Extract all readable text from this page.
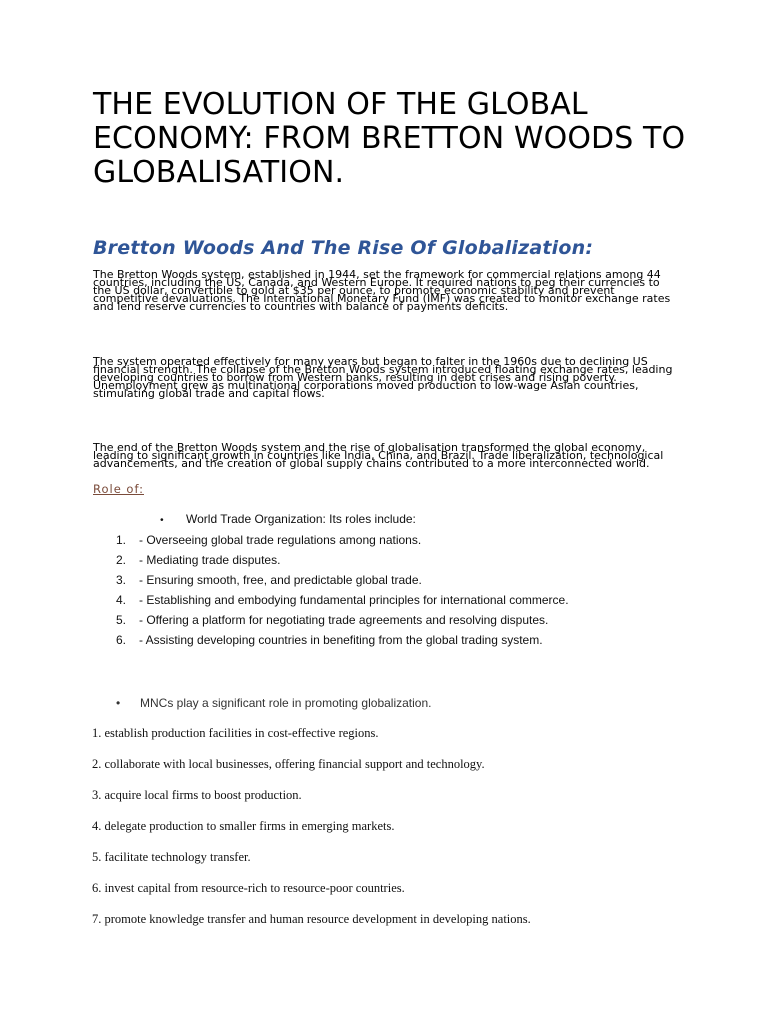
THE EVOLUTION OF THE GLOBAL ECONOMY: FROM BRETTON WOODS TO GLOBALISATION.
Bretton Woods And The Rise Of Globalization:

The Bretton Woods system, established in 1944, set the framework for commercial relations among 44 countries, including the US, Canada, and Western Europe. It required nations to peg their currencies to the US dollar, convertible to gold at $35 per ounce, to promote economic stability and prevent competitive devaluations. The International Monetary Fund (IMF) was created to monitor exchange rates and lend reserve currencies to countries with balance of payments deficits.

The system operated effectively for many years but began to falter in the 1960s due to declining US financial strength. The collapse of the Bretton Woods system introduced floating exchange rates, leading developing countries to borrow from Western banks, resulting in debt crises and rising poverty. Unemployment grew as multinational corporations moved production to low-wage Asian countries, stimulating global trade and capital flows.

The end of the Bretton Woods system and the rise of globalisation transformed the global economy, leading to significant growth in countries like India, China, and Brazil. Trade liberalization, technological advancements, and the creation of global supply chains contributed to a more interconnected world.

Role of:

• World Trade Organization: Its roles include:
1. - Overseeing global trade regulations among nations.
2. - Mediating trade disputes.
3. - Ensuring smooth, free, and predictable global trade.
4. - Establishing and embodying fundamental principles for international commerce.
5. - Offering a platform for negotiating trade agreements and resolving disputes.
6. - Assisting developing countries in benefiting from the global trading system.
• MNCs play a significant role in promoting globalization.
1. establish production facilities in cost-effective regions.
2. collaborate with local businesses, offering financial support and technology.
3. acquire local firms to boost production.
4. delegate production to smaller firms in emerging markets.
5. facilitate technology transfer.
6. invest capital from resource-rich to resource-poor countries.
7. promote knowledge transfer and human resource development in developing nations.
